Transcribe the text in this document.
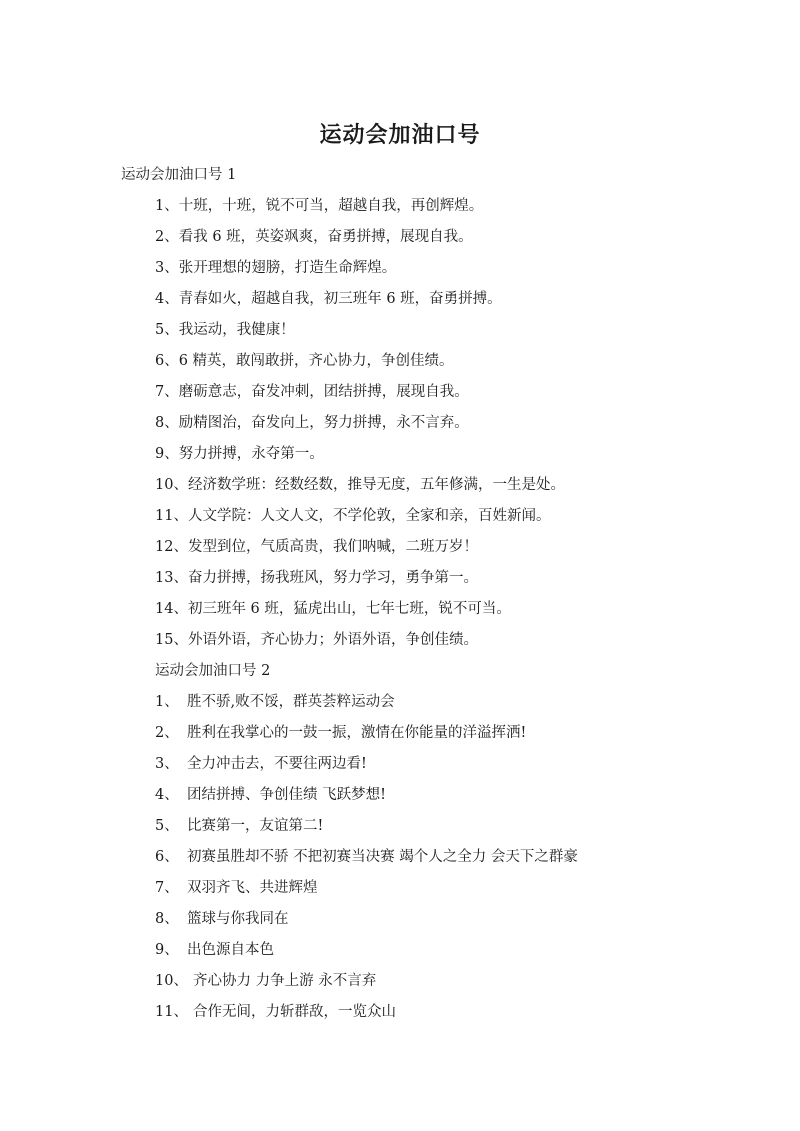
运动会加油口号

运动会加油口号 1

1、十班，十班，锐不可当，超越自我，再创辉煌。

2、看我 6 班，英姿飒爽，奋勇拼搏，展现自我。

3、张开理想的翅膀，打造生命辉煌。

4、青春如火，超越自我，初三班年 6 班，奋勇拼搏。

5、我运动，我健康！

6、6 精英，敢闯敢拼，齐心协力，争创佳绩。

7、磨砺意志，奋发冲刺，团结拼搏，展现自我。

8、励精图治，奋发向上，努力拼搏，永不言弃。

9、努力拼搏，永夺第一。

10、经济数学班：经数经数，推导无度，五年修满，一生是处。

11、人文学院：人文人文，不学伦敦，全家和亲，百姓新闻。

12、发型到位，气质高贵，我们呐喊，二班万岁！

13、奋力拼搏，扬我班风，努力学习，勇争第一。

14、初三班年 6 班，猛虎出山，七年七班，锐不可当。

15、外语外语，齐心协力；外语外语，争创佳绩。

运动会加油口号 2

1、 胜不骄,败不馁，群英荟粹运动会

2、 胜利在我掌心的一鼓一振，激情在你能量的洋溢挥洒!

3、 全力冲击去，不要往两边看!

4、 团结拼搏、争创佳绩 飞跃梦想!

5、 比赛第一，友谊第二!

6、 初赛虽胜却不骄 不把初赛当决赛 竭个人之全力 会天下之群豪

7、 双羽齐飞、共进辉煌

8、 篮球与你我同在

9、 出色源自本色

10、 齐心协力 力争上游 永不言弃

11、 合作无间，力斩群敌，一览众山
